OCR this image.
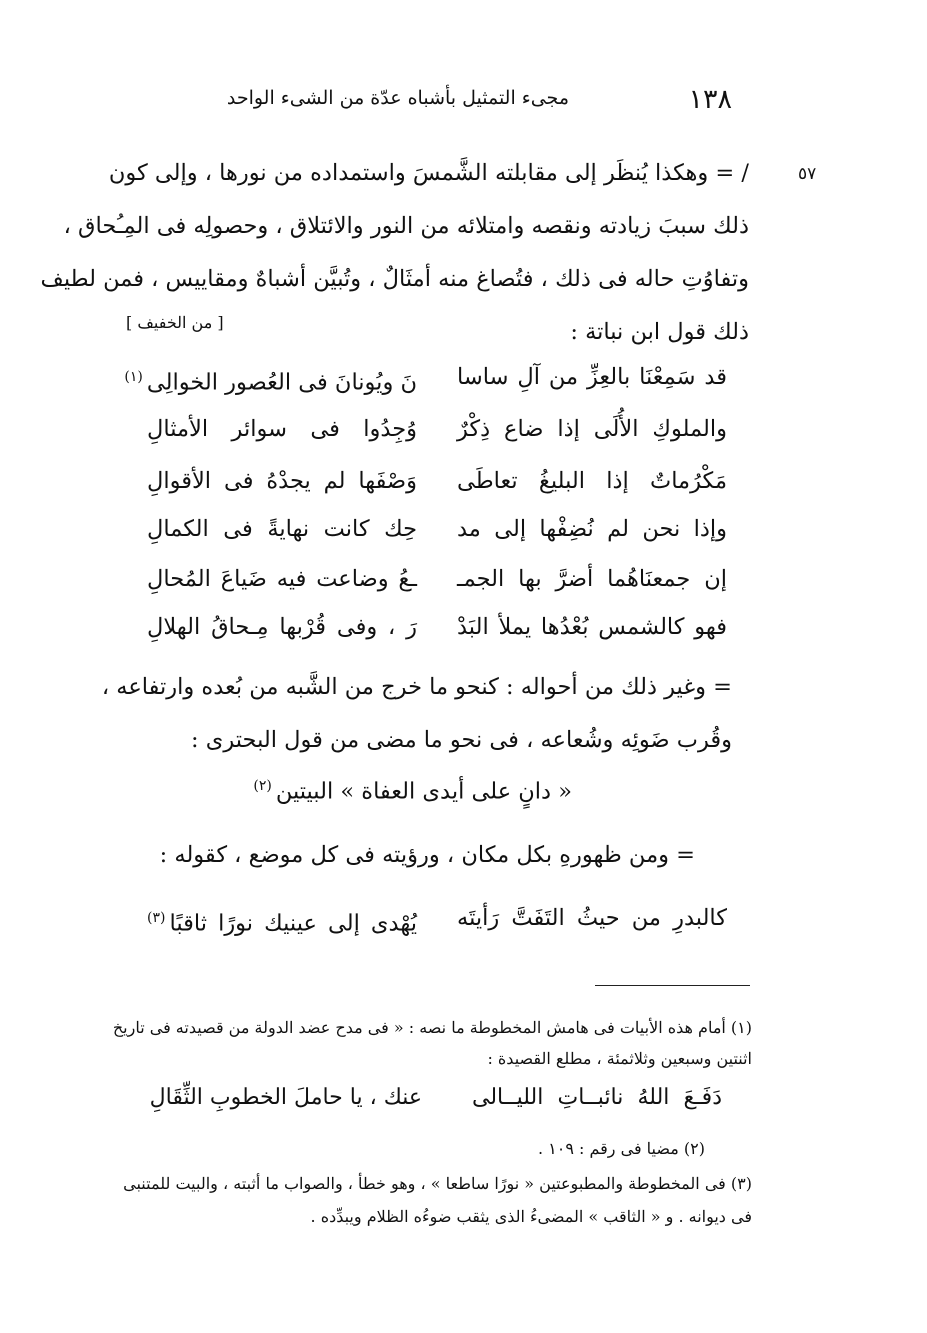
١٣٨
مجىء التمثيل بأشباه عدّة من الشىء الواحد
٥٧
/ = وهكذا يُنظَر إلى مقابلته الشَّمسَ واستمداده من نورها ، وإلى كون
ذلك سببَ زيادته ونقصه وامتلائه من النور والائتلاق ، وحصولِه فى المِـُحاق ،
وتفاوُتِ حاله فى ذلك ، فتُصاغ منه أمثَالٌ ، وتُبيَّن أشباهٌ ومقاييس ، فمن لطيف
ذلك قول ابن نباتة :
[ من الخفيف ]
قد سَمِعْنَا بالعِزِّ من آلِ ساسا
نَ ويُونانَ فى العُصور الخوالِى$^{(١)}$
والملوكِ الأُلَى إذا ضاع ذِكْرٌ
وُجِدُوا فى سوائر الأمثالِ
مَكْرُماتٌ إذا البليغُ تعاطَى
وَصْفَها لم يجدْهُ فى الأقوالِ
وإذا نحن لم نُضِفْها إلى مد
حِك كانت نهايةً فى الكمالِ
إن جمعنَاهُما أضرَّ بها الجمـ
ـعُ وضاعت فيه ضَياعَ المُحالِ
فهو كالشمس بُعْدُها يملأ البَدْ
رَ ، وفى قُرْبها مِـحاقُ الهلالِ
= وغير ذلك من أحواله : كنحو ما خرج من الشَّبه من بُعده وارتفاعه ،
وقُرب ضَوئِه وشُعاعه ، فى نحو ما مضى من قول البحترى :
« دانٍ على أيدى العفاة » البيتين$^{(٢)}$
= ومن ظهورهِ بكل مكان ، ورؤيته فى كل موضع ، كقوله :
كالبدرِ من حيثُ التَفَتَّ رَأيتَه
يُهْدى إلى عينيك نورًا ثاقبًا$^{(٣)}$
(١) أمام هذه الأبيات فى هامش المخطوطة ما نصه : « فى مدح عضد الدولة من قصيدته فى تاريخ
اثنتين وسبعين وثلاثمئة ، مطلع القصيدة :
دَفَـعَ اللهُ نائبــاتِ الليــالى
عنك ، يا حاملَ الخطوبِ الثِّقَالِ
(٢) مضيا فى رقم : ١٠٩ .
(٣) فى المخطوطة والمطبوعتين « نورًا ساطعا » ، وهو خطأ ، والصواب ما أثبته ، والبيت للمتنبى
فى ديوانه . و « الثاقب » المضىءُ الذى يثقب ضوءُه الظلام ويبدِّده .
